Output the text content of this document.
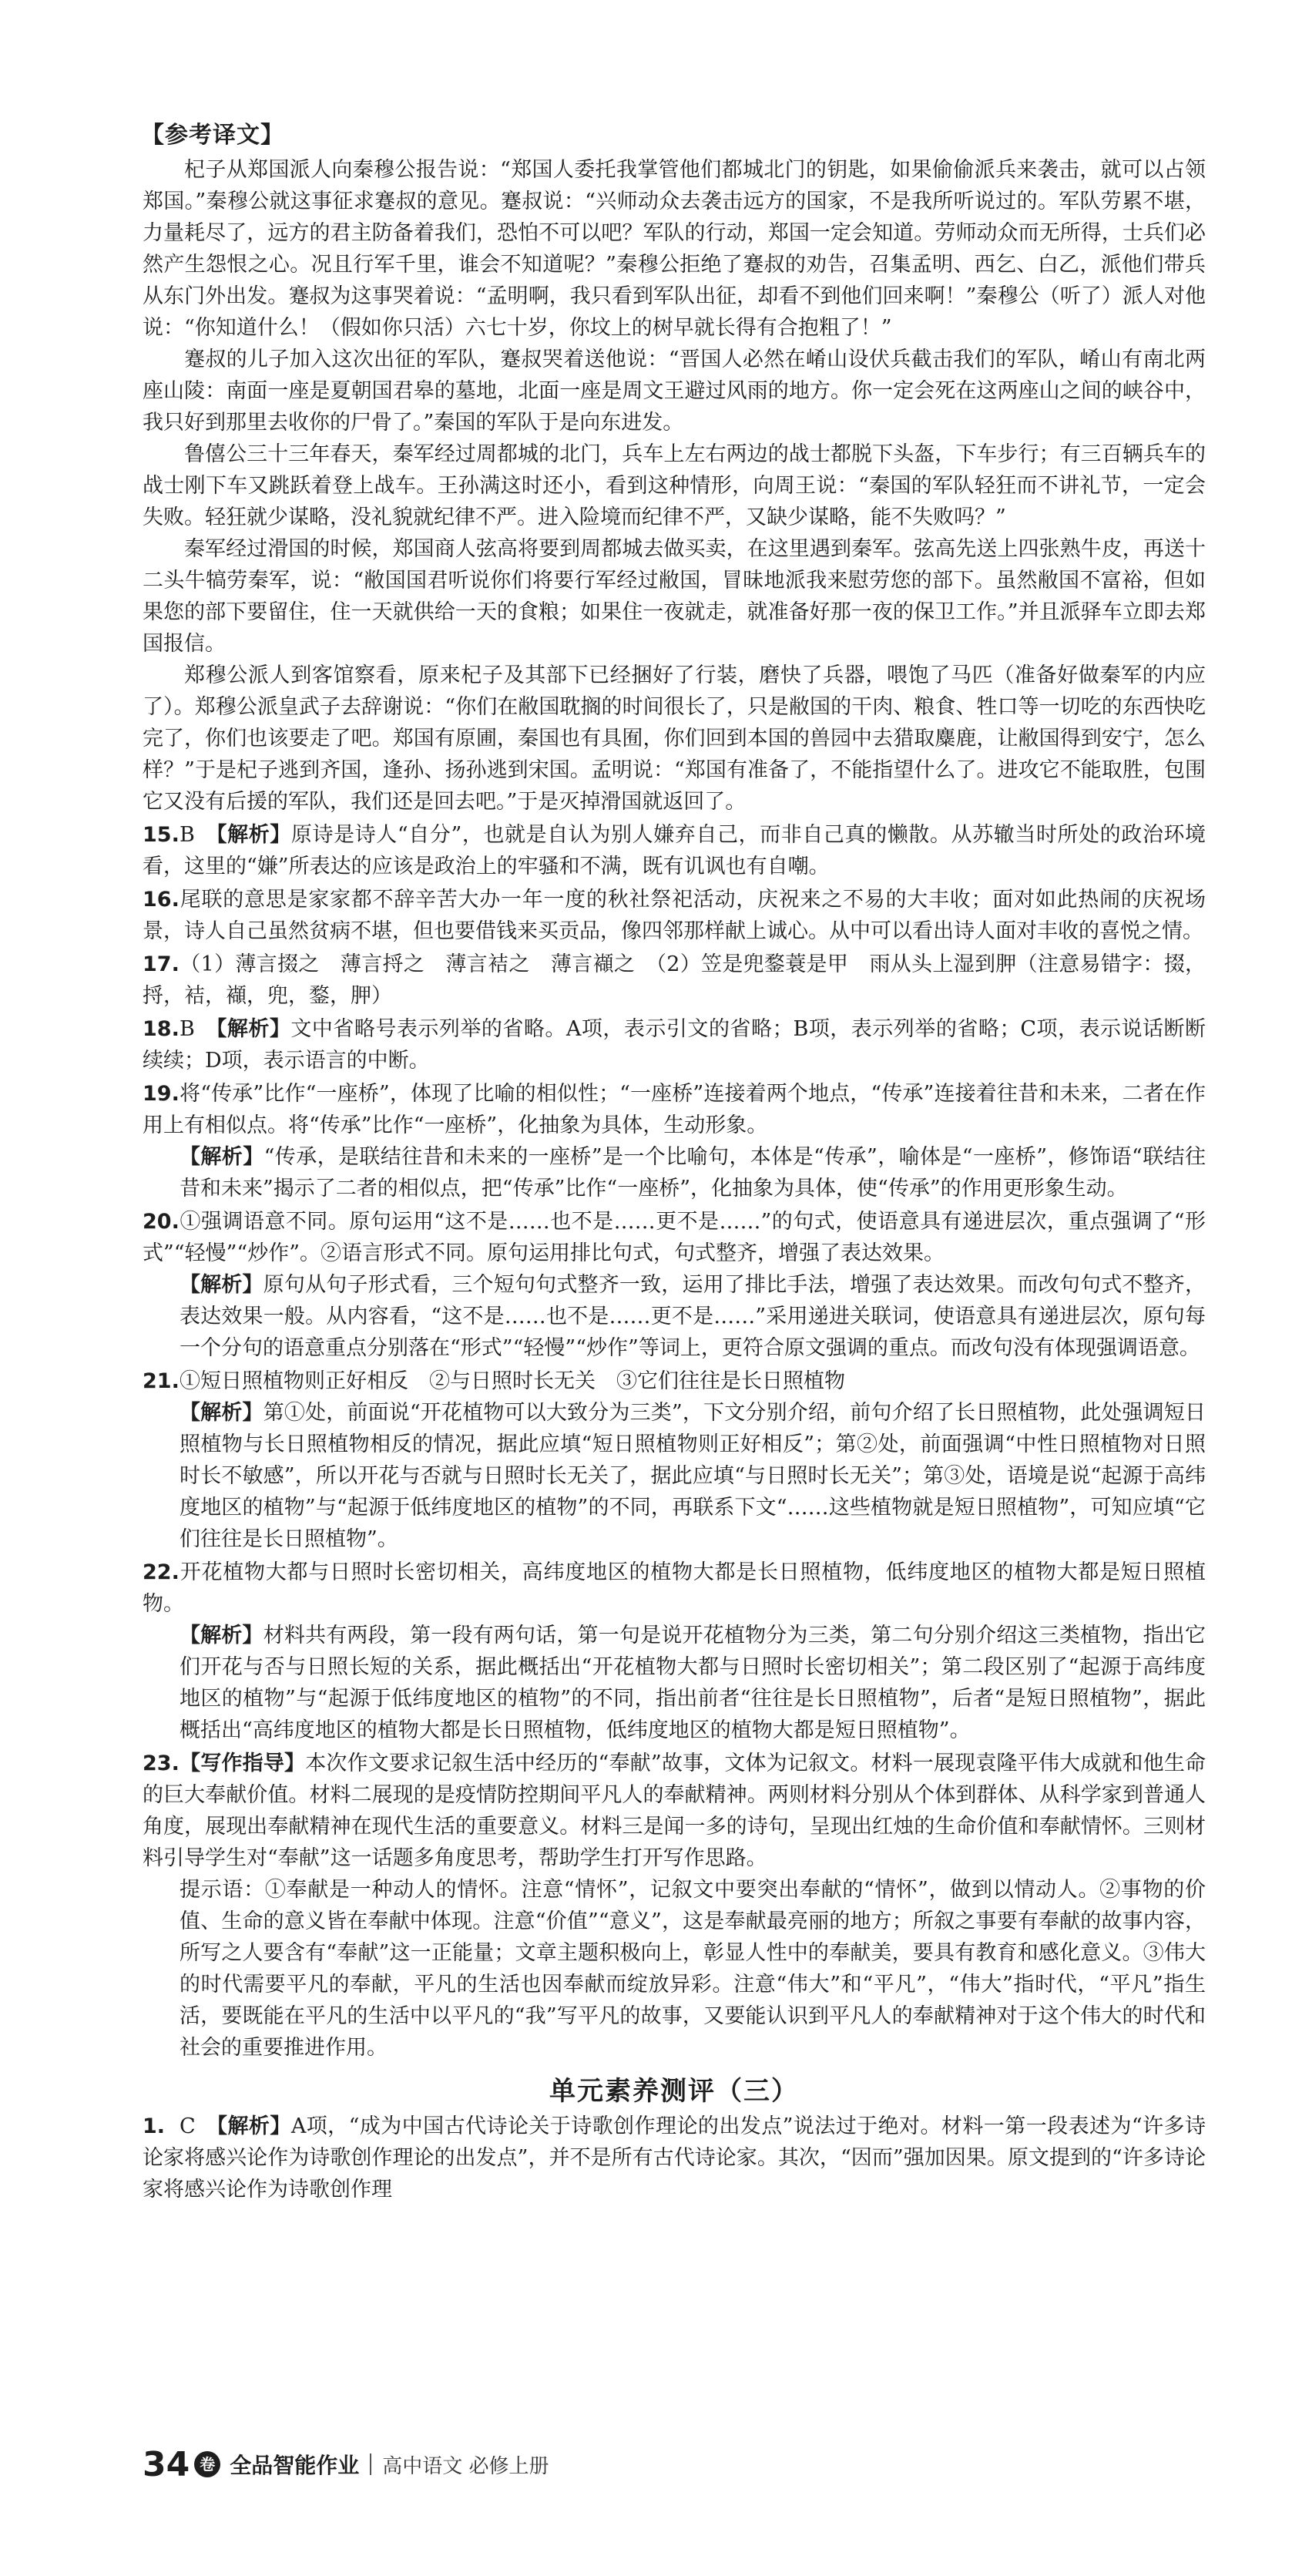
【参考译文】

杞子从郑国派人向秦穆公报告说：“郑国人委托我掌管他们都城北门的钥匙，如果偷偷派兵来袭击，就可以占领郑国。”秦穆公就这事征求蹇叔的意见。蹇叔说：“兴师动众去袭击远方的国家，不是我所听说过的。军队劳累不堪，力量耗尽了，远方的君主防备着我们，恐怕不可以吧？军队的行动，郑国一定会知道。劳师动众而无所得，士兵们必然产生怨恨之心。况且行军千里，谁会不知道呢？”秦穆公拒绝了蹇叔的劝告，召集孟明、西乞、白乙，派他们带兵从东门外出发。蹇叔为这事哭着说：“孟明啊，我只看到军队出征，却看不到他们回来啊！”秦穆公（听了）派人对他说：“你知道什么！（假如你只活）六七十岁，你坟上的树早就长得有合抱粗了！”

蹇叔的儿子加入这次出征的军队，蹇叔哭着送他说：“晋国人必然在崤山设伏兵截击我们的军队，崤山有南北两座山陵：南面一座是夏朝国君皋的墓地，北面一座是周文王避过风雨的地方。你一定会死在这两座山之间的峡谷中，我只好到那里去收你的尸骨了。”秦国的军队于是向东进发。

鲁僖公三十三年春天，秦军经过周都城的北门，兵车上左右两边的战士都脱下头盔，下车步行；有三百辆兵车的战士刚下车又跳跃着登上战车。王孙满这时还小，看到这种情形，向周王说：“秦国的军队轻狂而不讲礼节，一定会失败。轻狂就少谋略，没礼貌就纪律不严。进入险境而纪律不严，又缺少谋略，能不失败吗？”

秦军经过滑国的时候，郑国商人弦高将要到周都城去做买卖，在这里遇到秦军。弦高先送上四张熟牛皮，再送十二头牛犒劳秦军，说：“敝国国君听说你们将要行军经过敝国，冒昧地派我来慰劳您的部下。虽然敝国不富裕，但如果您的部下要留住，住一天就供给一天的食粮；如果住一夜就走，就准备好那一夜的保卫工作。”并且派驿车立即去郑国报信。

郑穆公派人到客馆察看，原来杞子及其部下已经捆好了行装，磨快了兵器，喂饱了马匹（准备好做秦军的内应了）。郑穆公派皇武子去辞谢说：“你们在敝国耽搁的时间很长了，只是敝国的干肉、粮食、牲口等一切吃的东西快吃完了，你们也该要走了吧。郑国有原圃，秦国也有具囿，你们回到本国的兽园中去猎取麋鹿，让敝国得到安宁，怎么样？”于是杞子逃到齐国，逢孙、扬孙逃到宋国。孟明说：“郑国有准备了，不能指望什么了。进攻它不能取胜，包围它又没有后援的军队，我们还是回去吧。”于是灭掉滑国就返回了。

15.B　【解析】原诗是诗人“自分”，也就是自认为别人嫌弃自己，而非自己真的懒散。从苏辙当时所处的政治环境看，这里的“嫌”所表达的应该是政治上的牢骚和不满，既有讥讽也有自嘲。

16.尾联的意思是家家都不辞辛苦大办一年一度的秋社祭祀活动，庆祝来之不易的大丰收；面对如此热闹的庆祝场景，诗人自己虽然贫病不堪，但也要借钱来买贡品，像四邻那样献上诚心。从中可以看出诗人面对丰收的喜悦之情。

17.（1）薄言掇之　薄言捋之　薄言袺之　薄言襭之　（2）笠是兜鍪蓑是甲　雨从头上湿到胛（注意易错字：掇，捋，袺，襭，兜，鍪，胛）

18.B　【解析】文中省略号表示列举的省略。A项，表示引文的省略；B项，表示列举的省略；C项，表示说话断断续续；D项，表示语言的中断。

19.将“传承”比作“一座桥”，体现了比喻的相似性；“一座桥”连接着两个地点，“传承”连接着往昔和未来，二者在作用上有相似点。将“传承”比作“一座桥”，化抽象为具体，生动形象。

【解析】“传承，是联结往昔和未来的一座桥”是一个比喻句，本体是“传承”，喻体是“一座桥”，修饰语“联结往昔和未来”揭示了二者的相似点，把“传承”比作“一座桥”，化抽象为具体，使“传承”的作用更形象生动。

20.①强调语意不同。原句运用“这不是……也不是……更不是……”的句式，使语意具有递进层次，重点强调了“形式”“轻慢”“炒作”。②语言形式不同。原句运用排比句式，句式整齐，增强了表达效果。

【解析】原句从句子形式看，三个短句句式整齐一致，运用了排比手法，增强了表达效果。而改句句式不整齐，表达效果一般。从内容看，“这不是……也不是……更不是……”采用递进关联词，使语意具有递进层次，原句每一个分句的语意重点分别落在“形式”“轻慢”“炒作”等词上，更符合原文强调的重点。而改句没有体现强调语意。

21.①短日照植物则正好相反　②与日照时长无关　③它们往往是长日照植物

【解析】第①处，前面说“开花植物可以大致分为三类”，下文分别介绍，前句介绍了长日照植物，此处强调短日照植物与长日照植物相反的情况，据此应填“短日照植物则正好相反”；第②处，前面强调“中性日照植物对日照时长不敏感”，所以开花与否就与日照时长无关了，据此应填“与日照时长无关”；第③处，语境是说“起源于高纬度地区的植物”与“起源于低纬度地区的植物”的不同，再联系下文“……这些植物就是短日照植物”，可知应填“它们往往是长日照植物”。

22.开花植物大都与日照时长密切相关，高纬度地区的植物大都是长日照植物，低纬度地区的植物大都是短日照植物。

【解析】材料共有两段，第一段有两句话，第一句是说开花植物分为三类，第二句分别介绍这三类植物，指出它们开花与否与日照长短的关系，据此概括出“开花植物大都与日照时长密切相关”；第二段区别了“起源于高纬度地区的植物”与“起源于低纬度地区的植物”的不同，指出前者“往往是长日照植物”，后者“是短日照植物”，据此概括出“高纬度地区的植物大都是长日照植物，低纬度地区的植物大都是短日照植物”。

23.【写作指导】本次作文要求记叙生活中经历的“奉献”故事，文体为记叙文。材料一展现袁隆平伟大成就和他生命的巨大奉献价值。材料二展现的是疫情防控期间平凡人的奉献精神。两则材料分别从个体到群体、从科学家到普通人角度，展现出奉献精神在现代生活的重要意义。材料三是闻一多的诗句，呈现出红烛的生命价值和奉献情怀。三则材料引导学生对“奉献”这一话题多角度思考，帮助学生打开写作思路。

提示语：①奉献是一种动人的情怀。注意“情怀”，记叙文中要突出奉献的“情怀”，做到以情动人。②事物的价值、生命的意义皆在奉献中体现。注意“价值”“意义”，这是奉献最亮丽的地方；所叙之事要有奉献的故事内容，所写之人要含有“奉献”这一正能量；文章主题积极向上，彰显人性中的奉献美，要具有教育和感化意义。③伟大的时代需要平凡的奉献，平凡的生活也因奉献而绽放异彩。注意“伟大”和“平凡”，“伟大”指时代，“平凡”指生活，要既能在平凡的生活中以平凡的“我”写平凡的故事，又要能认识到平凡人的奉献精神对于这个伟大的时代和社会的重要推进作用。

单元素养测评（三）

1. C　【解析】A项，“成为中国古代诗论关于诗歌创作理论的出发点”说法过于绝对。材料一第一段表述为“许多诗论家将感兴论作为诗歌创作理论的出发点”，并不是所有古代诗论家。其次，“因而”强加因果。原文提到的“许多诗论家将感兴论作为诗歌创作理

34 卷 全品智能作业 高中语文 必修上册
